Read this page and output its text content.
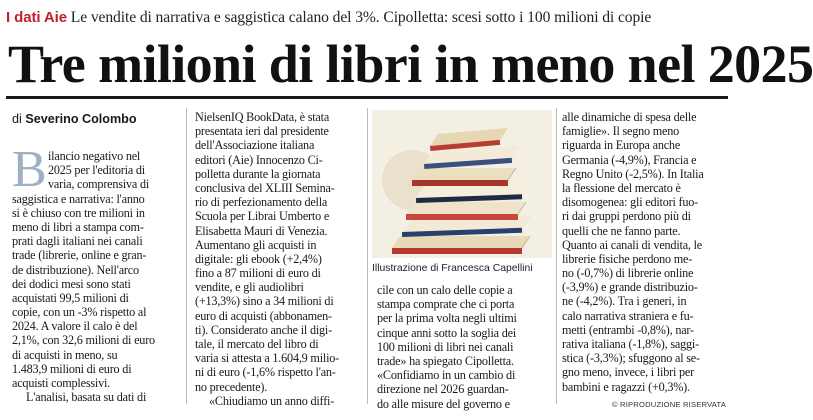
I dati Aie Le vendite di narrativa e saggistica calano del 3%. Cipolletta: scesi sotto i 100 milioni di copie
Tre milioni di libri in meno nel 2025
di Severino Colombo
B ilancio negativo nel
2025 per l'editoria di
varia, comprensiva di
saggistica e narrativa: l'anno
si è chiuso con tre milioni in
meno di libri a stampa com-
prati dagli italiani nei canali
trade (librerie, online e gran-
de distribuzione). Nell'arco
dei dodici mesi sono stati
acquistati 99,5 milioni di
copie, con un -3% rispetto al
2024. A valore il calo è del
2,1%, con 32,6 milioni di euro
di acquisti in meno, su
1.483,9 milioni di euro di
acquisti complessivi.
L'analisi, basata su dati di
NielsenIQ BookData, è stata
presentata ieri dal presidente
dell'Associazione italiana
editori (Aie) Innocenzo Ci-
polletta durante la giornata
conclusiva del XLIII Semina-
rio di perfezionamento della
Scuola per Librai Umberto e
Elisabetta Mauri di Venezia.
Aumentano gli acquisti in
digitale: gli ebook (+2,4%)
fino a 87 milioni di euro di
vendite, e gli audiolibri
(+13,3%) sino a 34 milioni di
euro di acquisti (abbonamen-
ti). Considerato anche il digi-
tale, il mercato del libro di
varia si attesta a 1.604,9 milio-
ni di euro (-1,6% rispetto l'an-
no precedente).
«Chiudiamo un anno diffi-
Illustrazione di Francesca Capellini
cile con un calo delle copie a
stampa comprate che ci porta
per la prima volta negli ultimi
cinque anni sotto la soglia dei
100 milioni di libri nei canali
trade» ha spiegato Cipolletta.
«Confidiamo in un cambio di
direzione nel 2026 guardan-
do alle misure del governo e
alle dinamiche di spesa delle
famiglie». Il segno meno
riguarda in Europa anche
Germania (-4,9%), Francia e
Regno Unito (-2,5%). In Italia
la flessione del mercato è
disomogenea: gli editori fuo-
ri dai gruppi perdono più di
quelli che ne fanno parte.
Quanto ai canali di vendita, le
librerie fisiche perdono me-
no (-0,7%) di librerie online
(-3,9%) e grande distribuzio-
ne (-4,2%). Tra i generi, in
calo narrativa straniera e fu-
metti (entrambi -0,8%), nar-
rativa italiana (-1,8%), saggi-
stica (-3,3%); sfuggono al se-
gno meno, invece, i libri per
bambini e ragazzi (+0,3%).
© RIPRODUZIONE RISERVATA
